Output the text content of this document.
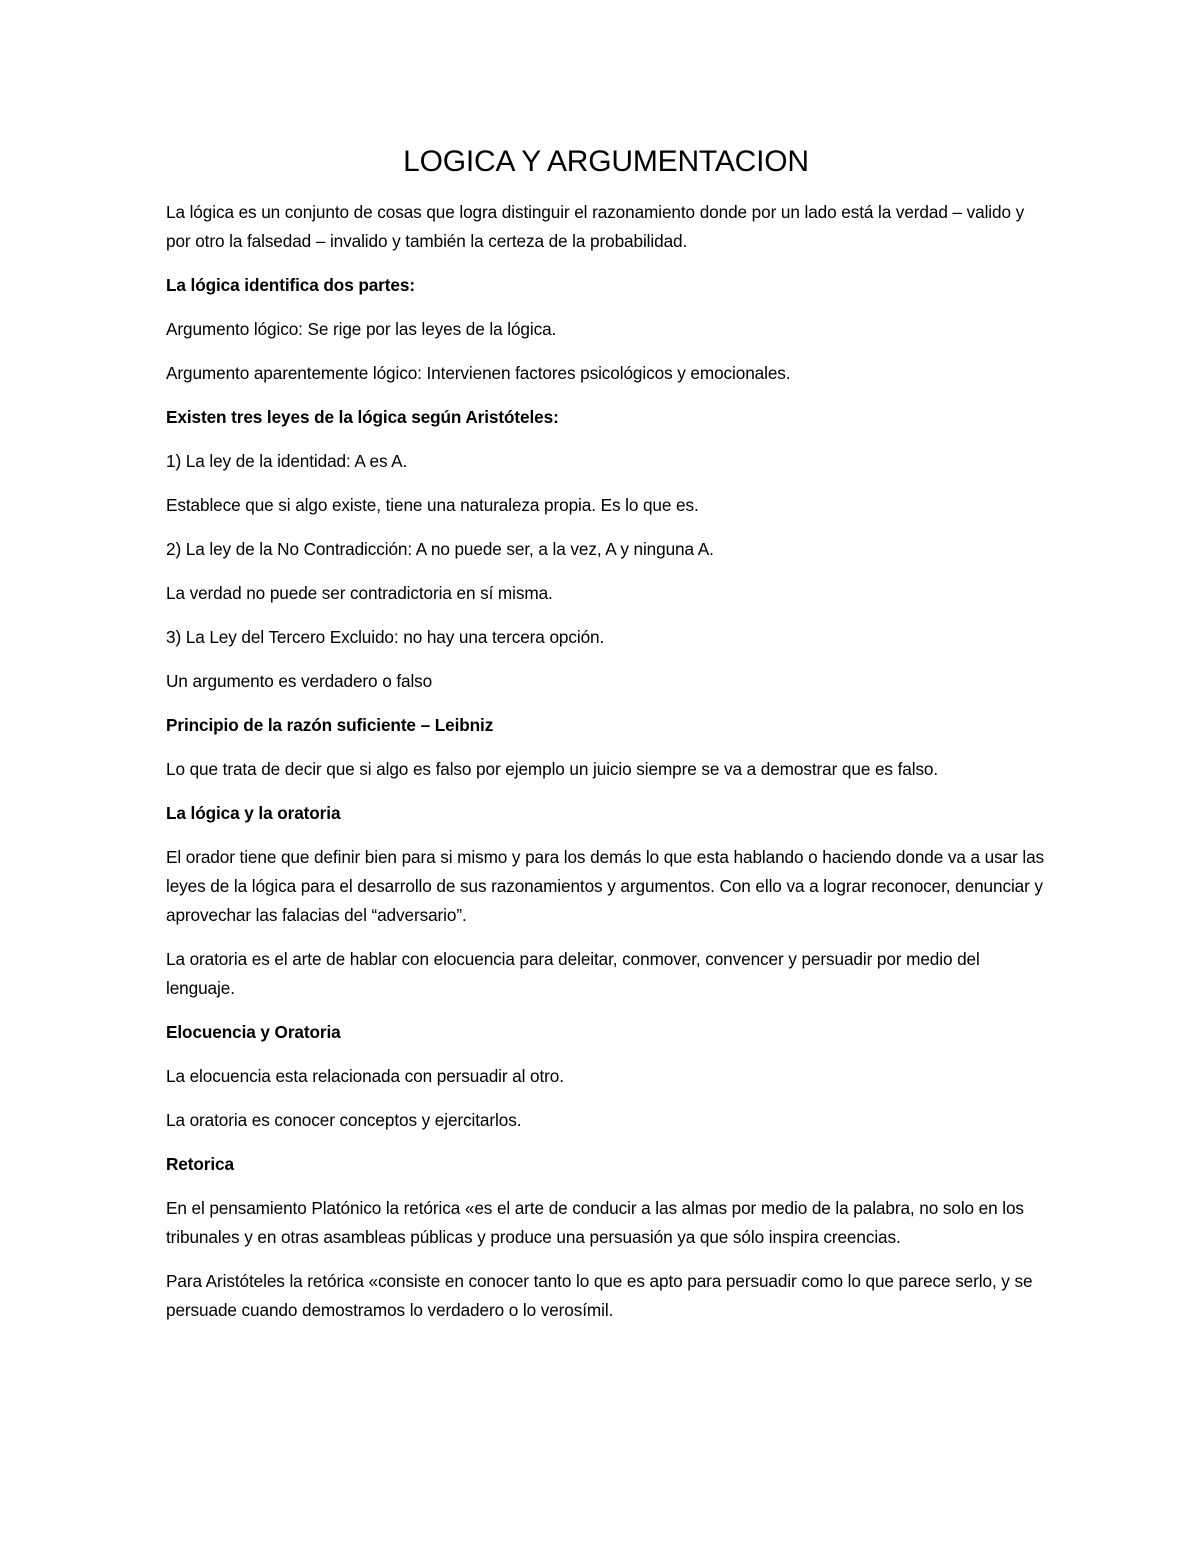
LOGICA Y ARGUMENTACION

La lógica es un conjunto de cosas que logra distinguir el razonamiento donde por un lado está la verdad – valido y por otro la falsedad – invalido y también la certeza de la probabilidad.

La lógica identifica dos partes:

Argumento lógico: Se rige por las leyes de la lógica.

Argumento aparentemente lógico: Intervienen factores psicológicos y emocionales.

Existen tres leyes de la lógica según Aristóteles:

1) La ley de la identidad: A es A.

Establece que si algo existe, tiene una naturaleza propia. Es lo que es.

2) La ley de la No Contradicción: A no puede ser, a la vez, A y ninguna A.

La verdad no puede ser contradictoria en sí misma.

3) La Ley del Tercero Excluido: no hay una tercera opción.

Un argumento es verdadero o falso

Principio de la razón suficiente – Leibniz

Lo que trata de decir que si algo es falso por ejemplo un juicio siempre se va a demostrar que es falso.

La lógica y la oratoria

El orador tiene que definir bien para si mismo y para los demás lo que esta hablando o haciendo donde va a usar las leyes de la lógica para el desarrollo de sus razonamientos y argumentos. Con ello va a lograr reconocer, denunciar y aprovechar las falacias del “adversario”.

La oratoria es el arte de hablar con elocuencia para deleitar, conmover, convencer y persuadir por medio del lenguaje.

Elocuencia y Oratoria

La elocuencia esta relacionada con persuadir al otro.

La oratoria es conocer conceptos y ejercitarlos.

Retorica

En el pensamiento Platónico la retórica «es el arte de conducir a las almas por medio de la palabra, no solo en los tribunales y en otras asambleas públicas y produce una persuasión ya que sólo inspira creencias.

Para Aristóteles la retórica «consiste en conocer tanto lo que es apto para persuadir como lo que parece serlo, y se persuade cuando demostramos lo verdadero o lo verosímil.
